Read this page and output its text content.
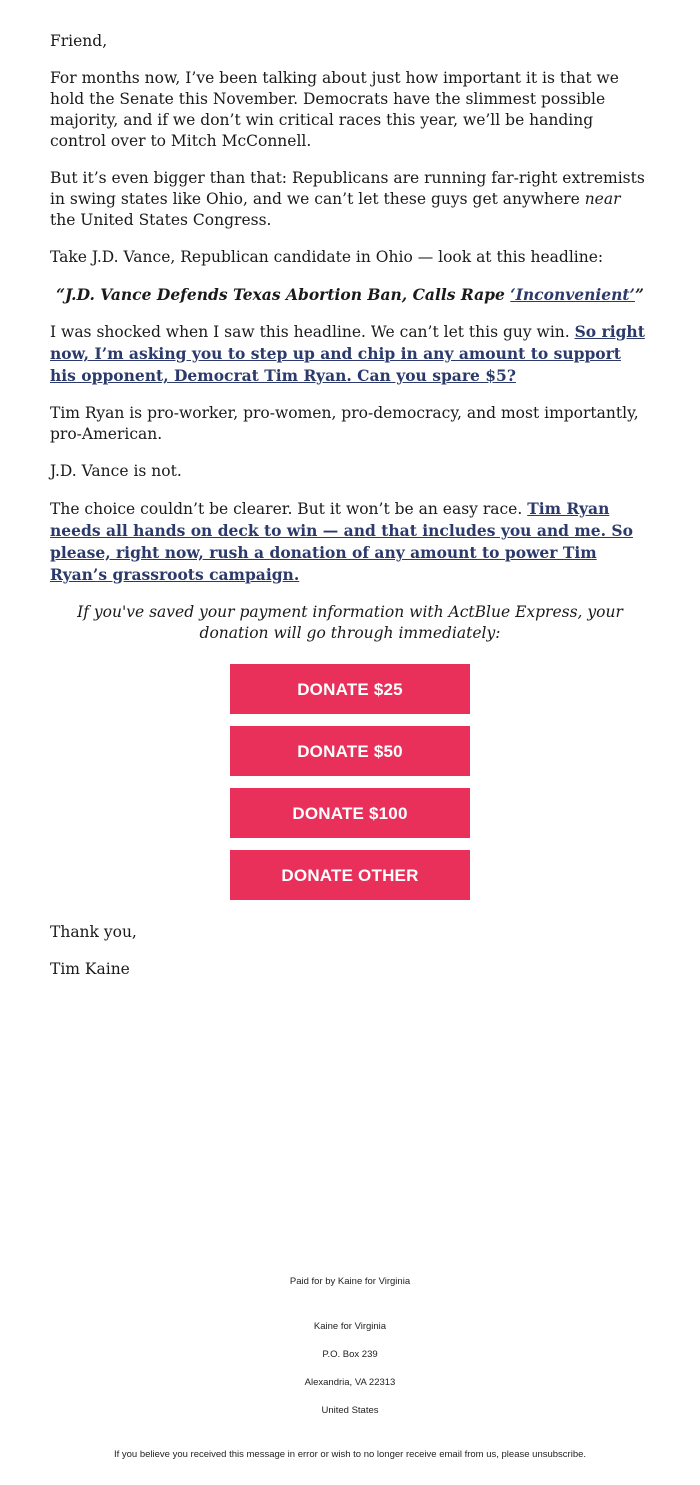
Friend,

For months now, I’ve been talking about just how important it is that we hold the Senate this November. Democrats have the slimmest possible majority, and if we don’t win critical races this year, we’ll be handing control over to Mitch McConnell.

But it’s even bigger than that: Republicans are running far-right extremists in swing states like Ohio, and we can’t let these guys get anywhere near the United States Congress.

Take J.D. Vance, Republican candidate in Ohio — look at this headline:

“J.D. Vance Defends Texas Abortion Ban, Calls Rape ‘Inconvenient’”

I was shocked when I saw this headline. We can’t let this guy win. So right now, I’m asking you to step up and chip in any amount to support his opponent, Democrat Tim Ryan. Can you spare $5?

Tim Ryan is pro-worker, pro-women, pro-democracy, and most importantly, pro-American.

J.D. Vance is not.

The choice couldn’t be clearer. But it won’t be an easy race. Tim Ryan needs all hands on deck to win — and that includes you and me. So please, right now, rush a donation of any amount to power Tim Ryan’s grassroots campaign.

If you've saved your payment information with ActBlue Express, your donation will go through immediately:

DONATE $25
DONATE $50
DONATE $100
DONATE OTHER

Thank you,

Tim Kaine

Paid for by Kaine for Virginia
Kaine for Virginia
P.O. Box 239
Alexandria, VA 22313
United States
If you believe you received this message in error or wish to no longer receive email from us, please unsubscribe.
